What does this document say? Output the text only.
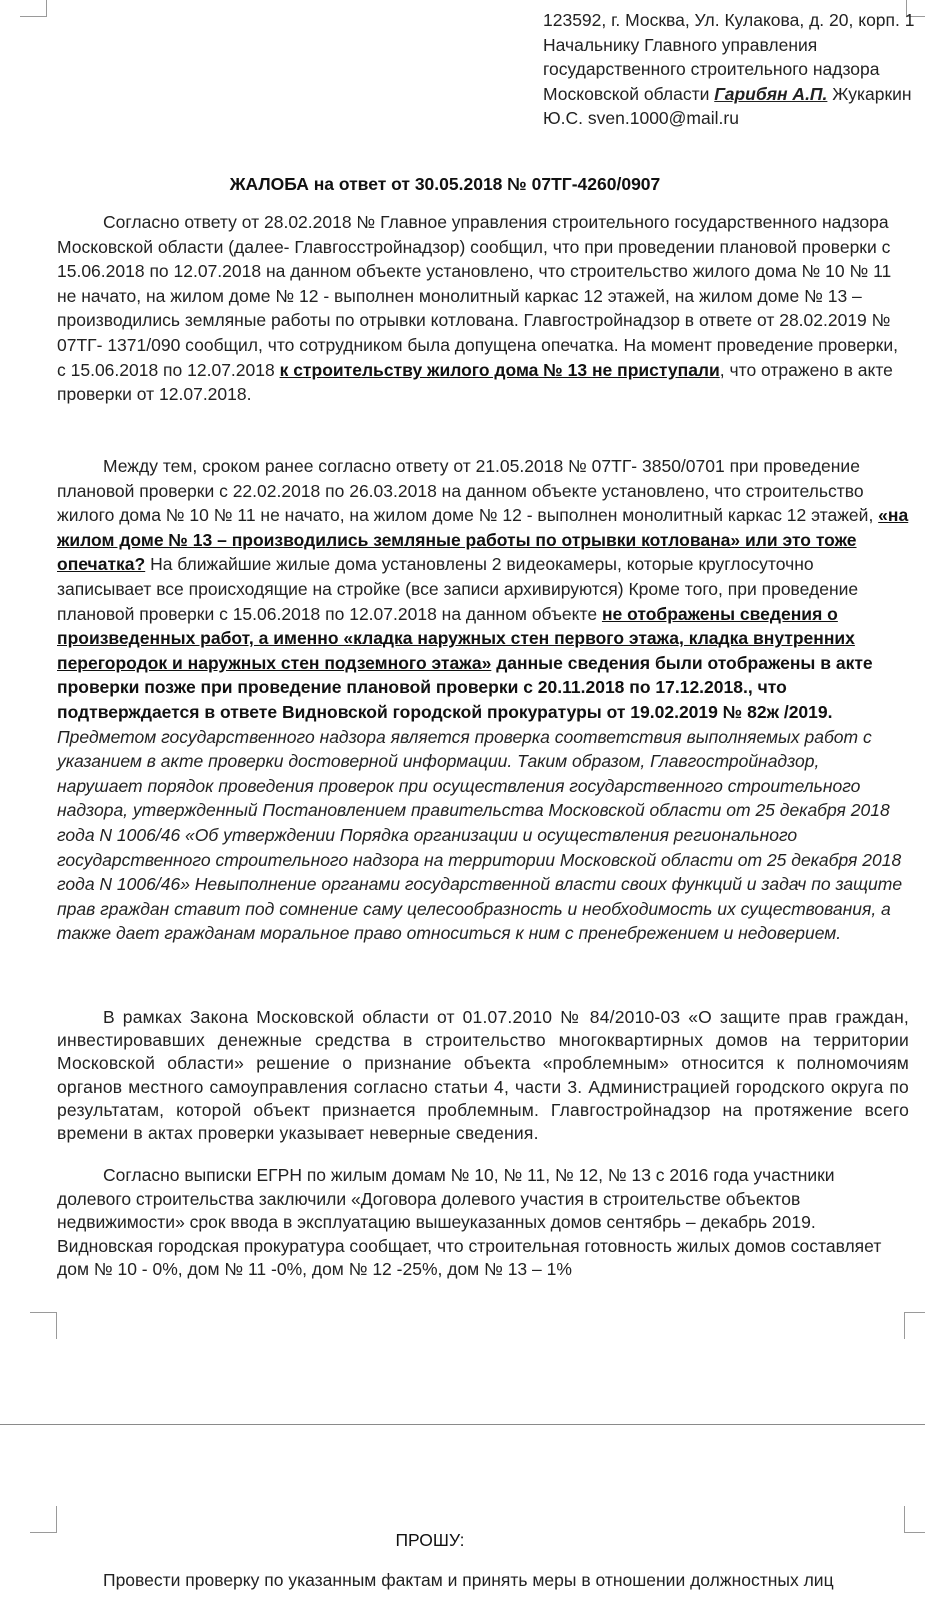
123592, г. Москва, Ул. Кулакова, д. 20, корп. 1
Начальнику Главного управления государственного строительного надзора Московской области Гарибян А.П. Жукаркин Ю.С. sven.1000@mail.ru
ЖАЛОБА на ответ от 30.05.2018 № 07ТГ-4260/0907

Согласно ответу от 28.02.2018 № Главное управления строительного государственного надзора Московской области (далее- Главгосстройнадзор) сообщил, что при проведении плановой проверки с 15.06.2018 по 12.07.2018 на данном объекте установлено, что строительство жилого дома № 10 № 11 не начато, на жилом доме № 12 - выполнен монолитный каркас 12 этажей, на жилом доме № 13 – производились земляные работы по отрывки котлована. Главгостройнадзор в ответе от 28.02.2019 № 07ТГ- 1371/090 сообщил, что сотрудником была допущена опечатка. На момент проведение проверки, с 15.06.2018 по 12.07.2018 к строительству жилого дома № 13 не приступали, что отражено в акте проверки от 12.07.2018.

Между тем, сроком ранее согласно ответу от 21.05.2018 № 07ТГ- 3850/0701 при проведение плановой проверки с 22.02.2018 по 26.03.2018 на данном объекте установлено, что строительство жилого дома № 10 № 11 не начато, на жилом доме № 12 - выполнен монолитный каркас 12 этажей, «на жилом доме № 13 – производились земляные работы по отрывки котлована» или это тоже опечатка? На ближайшие жилые дома установлены 2 видеокамеры, которые круглосуточно записывает все происходящие на стройке (все записи архивируются) Кроме того, при проведение плановой проверки с 15.06.2018 по 12.07.2018 на данном объекте не отображены сведения о произведенных работ, а именно «кладка наружных стен первого этажа, кладка внутренних перегородок и наружных стен подземного этажа» данные сведения были отображены в акте проверки позже при проведение плановой проверки с 20.11.2018 по 17.12.2018., что подтверждается в ответе Видновской городской прокуратуры от 19.02.2019 № 82ж /2019. Предметом государственного надзора является проверка соответствия выполняемых работ с указанием в акте проверки достоверной информации. Таким образом, Главгостройнадзор, нарушает порядок проведения проверок при осуществления государственного строительного надзора, утвержденный Постановлением правительства Московской области от 25 декабря 2018 года N 1006/46 «Об утверждении Порядка организации и осуществления регионального государственного строительного надзора на территории Московской области от 25 декабря 2018 года N 1006/46» Невыполнение органами государственной власти своих функций и задач по защите прав граждан ставит под сомнение саму целесообразность и необходимость их существования, а также дает гражданам моральное право относиться к ним с пренебрежением и недоверием.

В рамках Закона Московской области от 01.07.2010 № 84/2010-03 «О защите прав граждан, инвестировавших денежные средства в строительство многоквартирных домов на территории Московской области» решение о признание объекта «проблемным» относится к полномочиям органов местного самоуправления согласно статьи 4, части 3. Администрацией городского округа по результатам, которой объект признается проблемным. Главгостройнадзор на протяжение всего времени в актах проверки указывает неверные сведения.

Согласно выписки ЕГРН по жилым домам № 10, № 11, № 12, № 13 с 2016 года участники долевого строительства заключили «Договора долевого участия в строительстве объектов недвижимости» срок ввода в эксплуатацию вышеуказанных домов сентябрь – декабрь 2019. Видновская городская прокуратура сообщает, что строительная готовность жилых домов составляет дом № 10 - 0%, дом № 11 -0%, дом № 12 -25%, дом № 13 – 1%

ПРОШУ:

Провести проверку по указанным фактам и принять меры в отношении должностных лиц
